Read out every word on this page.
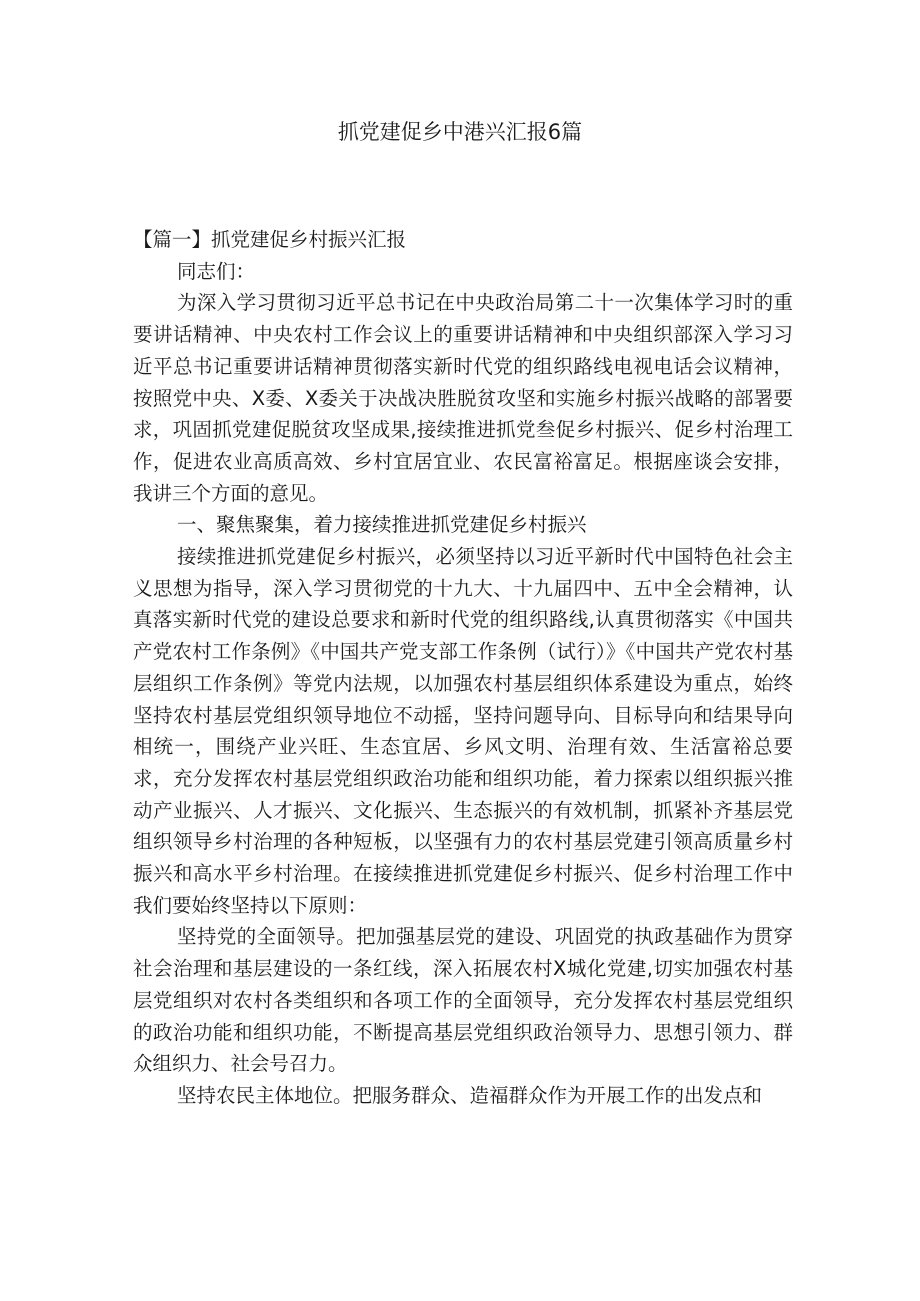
抓党建促乡中港兴汇报6篇

【篇一】抓党建促乡村振兴汇报

同志们：

为深入学习贯彻习近平总书记在中央政治局第二十一次集体学习时的重要讲话精神、中央农村工作会议上的重要讲话精神和中央组织部深入学习习近平总书记重要讲话精神贯彻落实新时代党的组织路线电视电话会议精神，按照党中央、X委、X委关于决战决胜脱贫攻坚和实施乡村振兴战略的部署要求，巩固抓党建促脱贫攻坚成果,接续推进抓党叁促乡村振兴、促乡村治理工作，促进农业高质高效、乡村宜居宜业、农民富裕富足。根据座谈会安排，我讲三个方面的意见。

一、聚焦聚集，着力接续推进抓党建促乡村振兴

接续推进抓党建促乡村振兴，必须坚持以习近平新时代中国特色社会主义思想为指导，深入学习贯彻党的十九大、十九届四中、五中全会精神，认真落实新时代党的建设总要求和新时代党的组织路线,认真贯彻落实《中国共产党农村工作条例》《中国共产党支部工作条例（试行）》《中国共产党农村基层组织工作条例》等党内法规，以加强农村基层组织体系建设为重点，始终坚持农村基层党组织领导地位不动摇，坚持问题导向、目标导向和结果导向相统一，围绕产业兴旺、生态宜居、乡风文明、治理有效、生活富裕总要求，充分发挥农村基层党组织政治功能和组织功能，着力探索以组织振兴推动产业振兴、人才振兴、文化振兴、生态振兴的有效机制，抓紧补齐基层党组织领导乡村治理的各种短板，以坚强有力的农村基层党建引领高质量乡村振兴和高水平乡村治理。在接续推进抓党建促乡村振兴、促乡村治理工作中我们要始终坚持以下原则：

坚持党的全面领导。把加强基层党的建设、巩固党的执政基础作为贯穿社会治理和基层建设的一条红线，深入拓展农村X城化党建,切实加强农村基层党组织对农村各类组织和各项工作的全面领导，充分发挥农村基层党组织的政治功能和组织功能，不断提高基层党组织政治领导力、思想引领力、群众组织力、社会号召力。

坚持农民主体地位。把服务群众、造福群众作为开展工作的出发点和
